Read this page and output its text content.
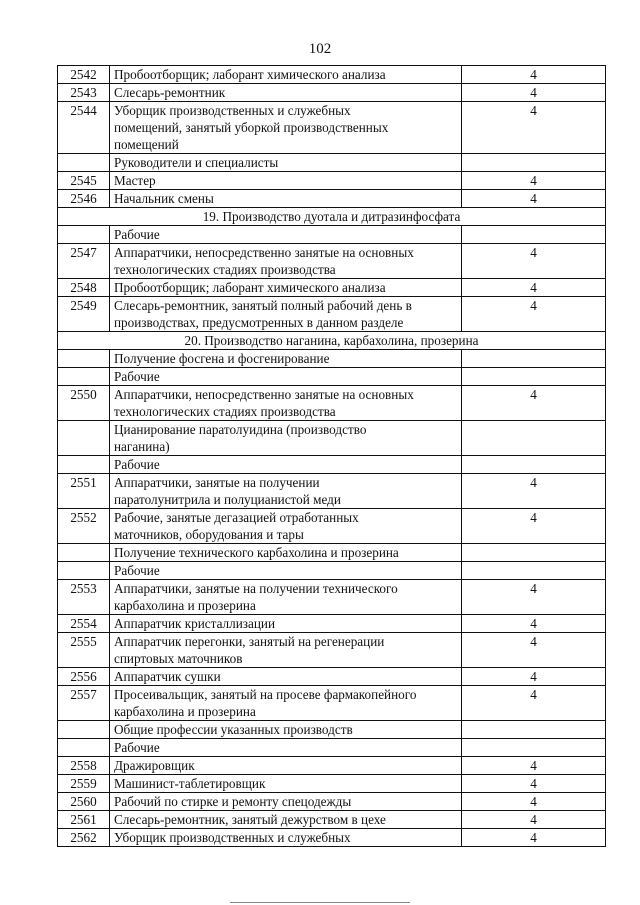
102
2542	Пробоотборщик; лаборант химического анализа	4
2543	Слесарь-ремонтник	4
2544	Уборщик производственных и служебных
помещений, занятый уборкой производственных
помещений	4

	Руководители и специалисты	

2545	Мастер	4
2546	Начальник смены	4
19. Производство дуотала и дитразинфосфата		

	Рабочие	

2547	Аппаратчики, непосредственно занятые на основных
технологических стадиях производства	4
2548	Пробоотборщик; лаборант химического анализа	4
2549	Слесарь-ремонтник, занятый полный рабочий день в
производствах, предусмотренных в данном разделе	4
20. Производство наганина, карбахолина, прозерина		

	Получение фосгена и фосгенирование	

	Рабочие	

2550	Аппаратчики, непосредственно занятые на основных
технологических стадиях производства	4

	Цианирование паратолуидина (производство
наганина)	

	Рабочие	

2551	Аппаратчики, занятые на получении
паратолунитрила и полуцианистой меди	4
2552	Рабочие, занятые дегазацией отработанных
маточников, оборудования и тары	4

	Получение технического карбахолина и прозерина	

	Рабочие	

2553	Аппаратчики, занятые на получении технического
карбахолина и прозерина	4
2554	Аппаратчик кристаллизации	4
2555	Аппаратчик перегонки, занятый на регенерации
спиртовых маточников	4
2556	Аппаратчик сушки	4
2557	Просеивальщик, занятый на просеве фармакопейного
карбахолина и прозерина	4

	Общие профессии указанных производств	

	Рабочие	

2558	Дражировщик	4
2559	Машинист-таблетировщик	4
2560	Рабочий по стирке и ремонту спецодежды	4
2561	Слесарь-ремонтник, занятый дежурством в цехе	4
2562	Уборщик производственных и служебных	4
